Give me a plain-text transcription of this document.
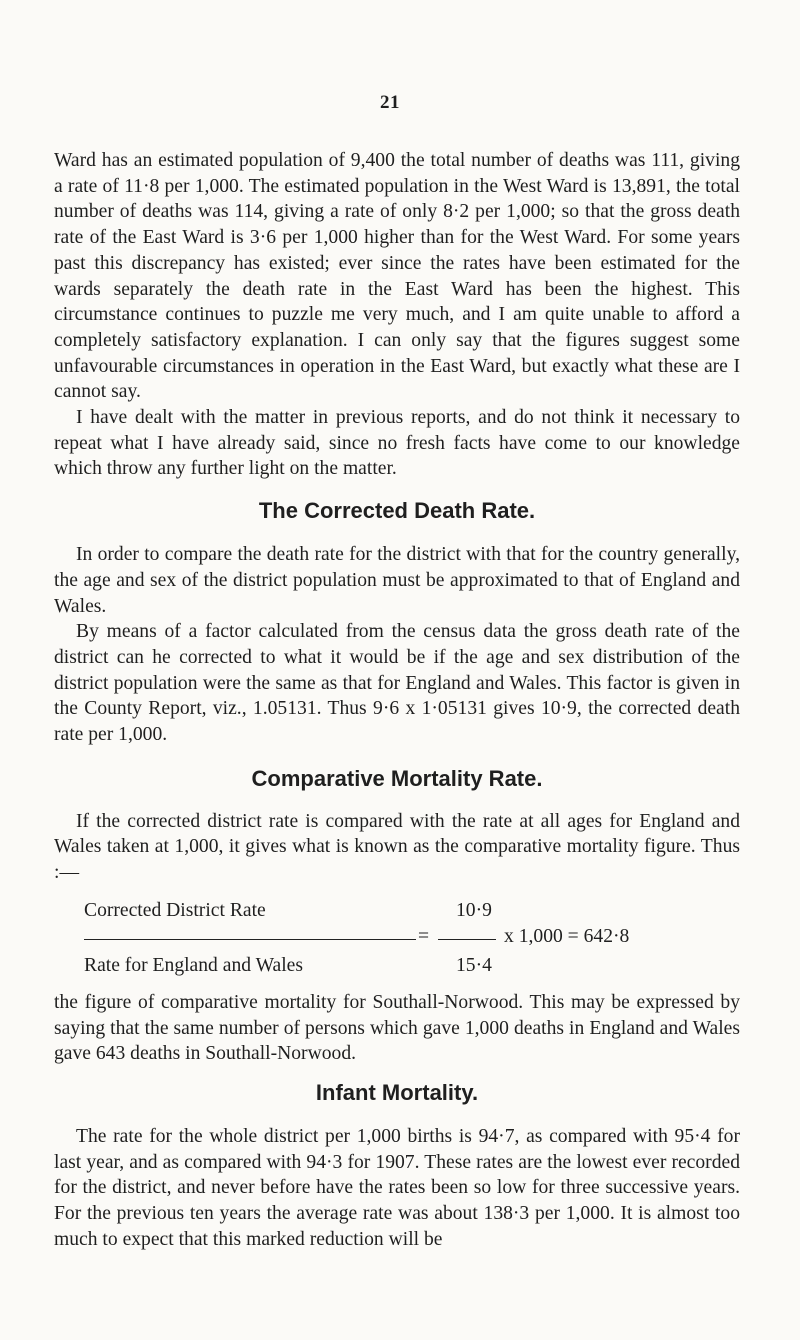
21

Ward has an estimated population of 9,400 the total number of deaths was 111, giving a rate of 11·8 per 1,000. The estimated population in the West Ward is 13,891, the total number of deaths was 114, giving a rate of only 8·2 per 1,000; so that the gross death rate of the East Ward is 3·6 per 1,000 higher than for the West Ward. For some years past this discrepancy has existed; ever since the rates have been estimated for the wards separately the death rate in the East Ward has been the highest. This circumstance continues to puzzle me very much, and I am quite unable to afford a completely satisfactory explanation. I can only say that the figures suggest some unfavourable circumstances in operation in the East Ward, but exactly what these are I cannot say.

I have dealt with the matter in previous reports, and do not think it necessary to repeat what I have already said, since no fresh facts have come to our knowledge which throw any further light on the matter.

The Corrected Death Rate.

In order to compare the death rate for the district with that for the country generally, the age and sex of the district population must be approximated to that of England and Wales.

By means of a factor calculated from the census data the gross death rate of the district can he corrected to what it would be if the age and sex distribution of the district population were the same as that for England and Wales. This factor is given in the County Report, viz., 1.05131. Thus 9·6 x 1·05131 gives 10·9, the corrected death rate per 1,000.

Comparative Mortality Rate.

If the corrected district rate is compared with the rate at all ages for England and Wales taken at 1,000, it gives what is known as the comparative mortality figure. Thus :—

Corrected District Rate	10·9
=	x 1,000 = 642·8
Rate for England and Wales	15·4

the figure of comparative mortality for Southall-Norwood. This may be expressed by saying that the same number of persons which gave 1,000 deaths in England and Wales gave 643 deaths in Southall-Norwood.

Infant Mortality.

The rate for the whole district per 1,000 births is 94·7, as compared with 95·4 for last year, and as compared with 94·3 for 1907. These rates are the lowest ever recorded for the district, and never before have the rates been so low for three successive years. For the previous ten years the average rate was about 138·3 per 1,000. It is almost too much to expect that this marked reduction will be
